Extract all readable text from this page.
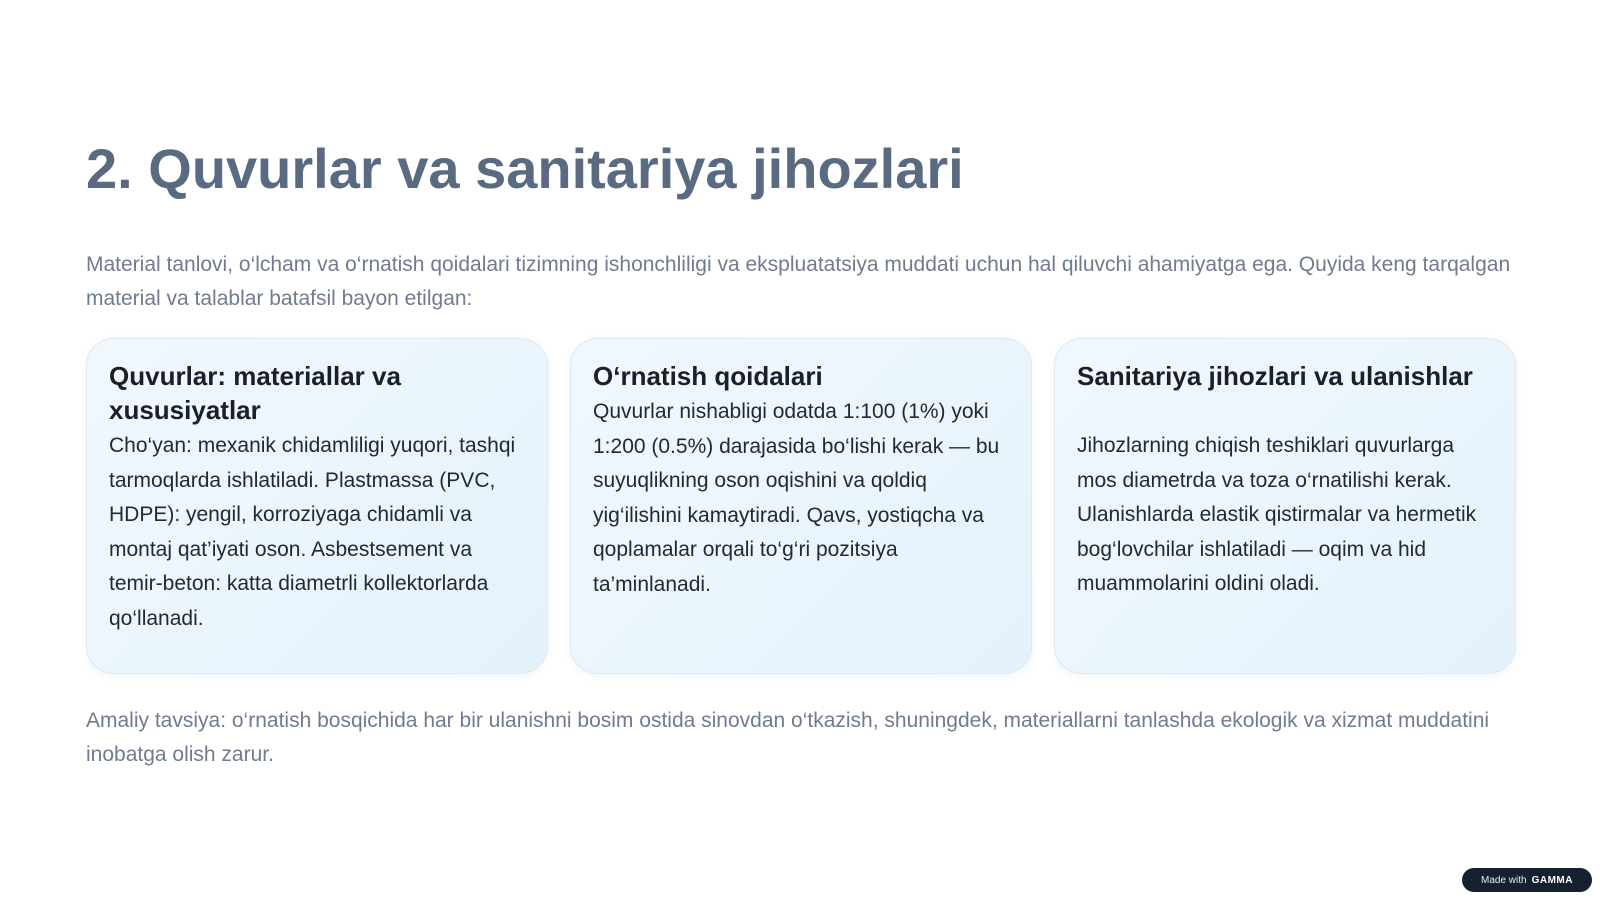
2. Quvurlar va sanitariya jihozlari

Material tanlovi, o‘lcham va o‘rnatish qoidalari tizimning ishonchliligi va ekspluatatsiya muddati uchun hal qiluvchi ahamiyatga ega. Quyida keng tarqalgan material va talablar batafsil bayon etilgan:

Quvurlar: materiallar va xususiyatlar

Cho‘yan: mexanik chidamliligi yuqori, tashqi tarmoqlarda ishlatiladi. Plastmassa (PVC, HDPE): yengil, korroziyaga chidamli va montaj qat’iyati oson. Asbestsement va temir-beton: katta diametrli kollektorlarda qo‘llanadi.

O‘rnatish qoidalari

Quvurlar nishabligi odatda 1:100 (1%) yoki 1:200 (0.5%) darajasida bo‘lishi kerak — bu suyuqlikning oson oqishini va qoldiq yig‘ilishini kamaytiradi. Qavs, yostiqcha va qoplamalar orqali to‘g‘ri pozitsiya ta’minlanadi.

Sanitariya jihozlari va ulanishlar

Jihozlarning chiqish teshiklari quvurlarga mos diametrda va toza o‘rnatilishi kerak. Ulanishlarda elastik qistirmalar va hermetik bog‘lovchilar ishlatiladi — oqim va hid muammolarini oldini oladi.

Amaliy tavsiya: o‘rnatish bosqichida har bir ulanishni bosim ostida sinovdan o‘tkazish, shuningdek, materiallarni tanlashda ekologik va xizmat muddatini inobatga olish zarur.

Made with GAMMA
